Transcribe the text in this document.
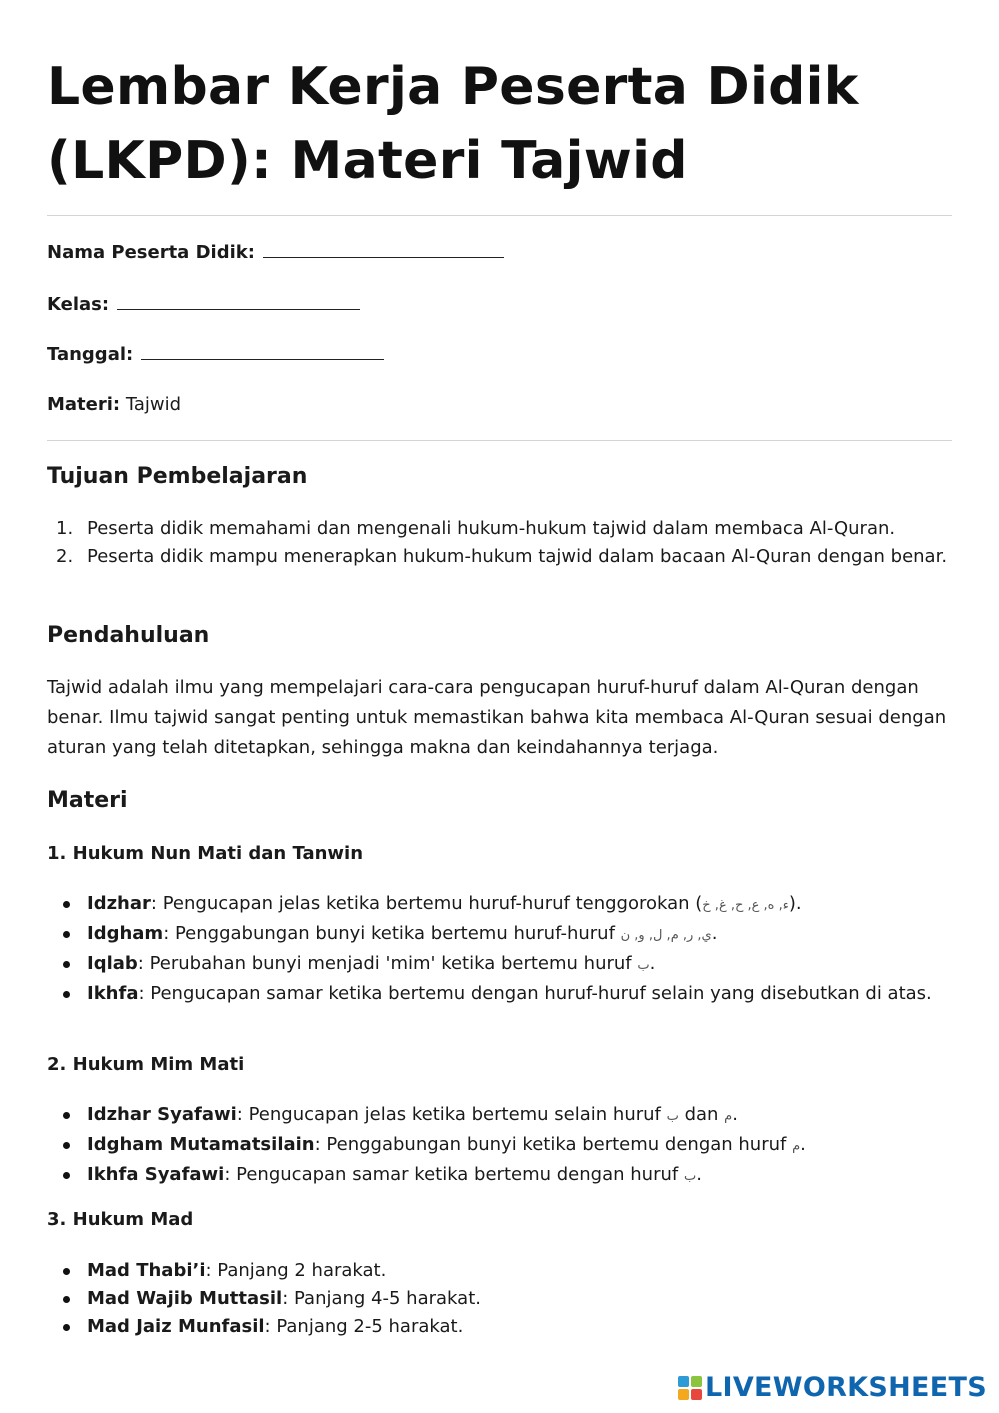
Lembar Kerja Peserta Didik (LKPD): Materi Tajwid
Nama Peserta Didik:
Kelas:
Tanggal:
Materi: Tajwid
Tujuan Pembelajaran
1. Peserta didik memahami dan mengenali hukum-hukum tajwid dalam membaca Al-Quran.
2. Peserta didik mampu menerapkan hukum-hukum tajwid dalam bacaan Al-Quran dengan benar.
Pendahuluan

Tajwid adalah ilmu yang mempelajari cara-cara pengucapan huruf-huruf dalam Al-Quran dengan benar. Ilmu tajwid sangat penting untuk memastikan bahwa kita membaca Al-Quran sesuai dengan aturan yang telah ditetapkan, sehingga makna dan keindahannya terjaga.

Materi
1. Hukum Nun Mati dan Tanwin
Idzhar: Pengucapan jelas ketika bertemu huruf-huruf tenggorokan (ء, ه, ع, ح, غ, خ).
Idgham: Penggabungan bunyi ketika bertemu huruf-huruf ي, ر, م, ل, و, ن.
Iqlab: Perubahan bunyi menjadi 'mim' ketika bertemu huruf ب.
Ikhfa: Pengucapan samar ketika bertemu dengan huruf-huruf selain yang disebutkan di atas.
2. Hukum Mim Mati
Idzhar Syafawi: Pengucapan jelas ketika bertemu selain huruf ب dan م.
Idgham Mutamatsilain: Penggabungan bunyi ketika bertemu dengan huruf م.
Ikhfa Syafawi: Pengucapan samar ketika bertemu dengan huruf ب.
3. Hukum Mad
Mad Thabi’i: Panjang 2 harakat.
Mad Wajib Muttasil: Panjang 4-5 harakat.
Mad Jaiz Munfasil: Panjang 2-5 harakat.
LIVEWORKSHEETS
